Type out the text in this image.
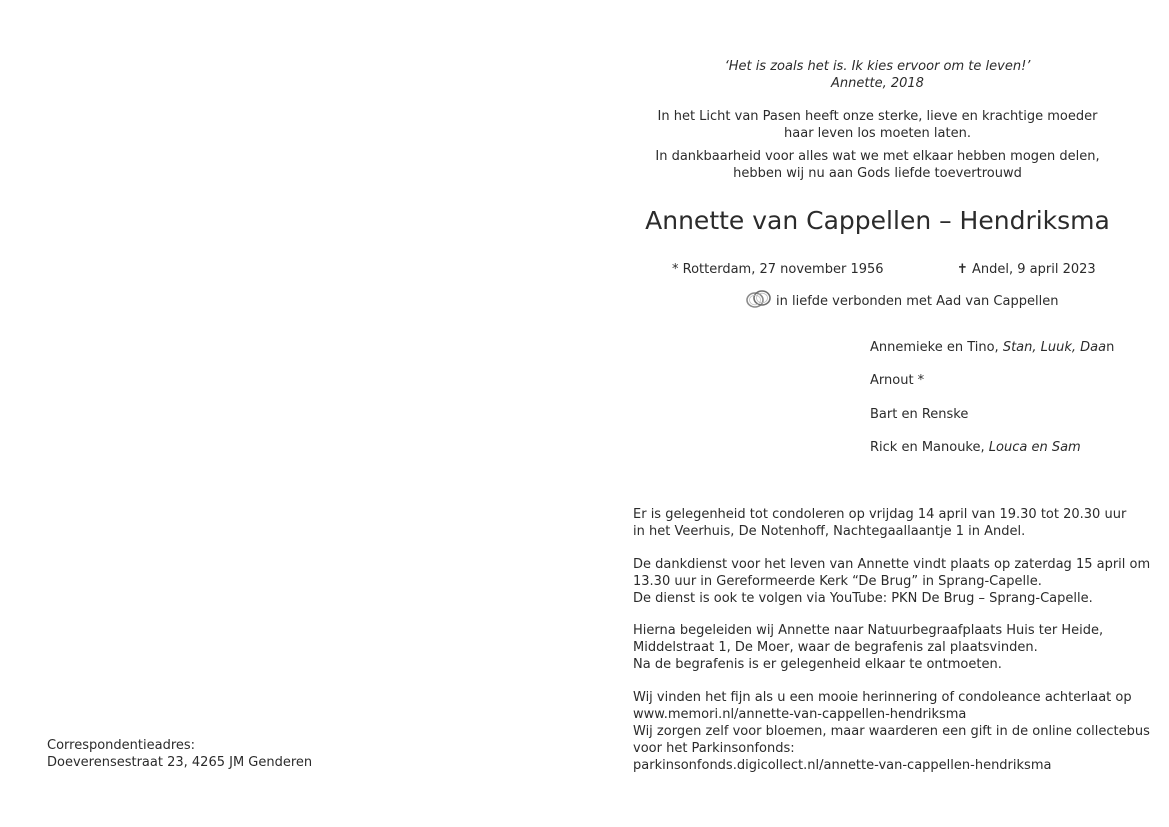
‘Het is zoals het is. Ik kies ervoor om te leven!’
Annette, 2018
In het Licht van Pasen heeft onze sterke, lieve en krachtige moeder
haar leven los moeten laten.
In dankbaarheid voor alles wat we met elkaar hebben mogen delen,
hebben wij nu aan Gods liefde toevertrouwd
Annette van Cappellen – Hendriksma
* Rotterdam, 27 november 1956	✝ Andel, 9 april 2023
in liefde verbonden met Aad van Cappellen
Annemieke en Tino, Stan, Luuk, Daan
Arnout *
Bart en Renske
Rick en Manouke, Louca en Sam
Er is gelegenheid tot condoleren op vrijdag 14 april van 19.30 tot 20.30 uur
in het Veerhuis, De Notenhoff, Nachtegaallaantje 1 in Andel.
De dankdienst voor het leven van Annette vindt plaats op zaterdag 15 april om
13.30 uur in Gereformeerde Kerk “De Brug” in Sprang-Capelle.
De dienst is ook te volgen via YouTube: PKN De Brug – Sprang-Capelle.
Hierna begeleiden wij Annette naar Natuurbegraafplaats Huis ter Heide,
Middelstraat 1, De Moer, waar de begrafenis zal plaatsvinden.
Na de begrafenis is er gelegenheid elkaar te ontmoeten.
Wij vinden het fijn als u een mooie herinnering of condoleance achterlaat op
www.memori.nl/annette-van-cappellen-hendriksma
Wij zorgen zelf voor bloemen, maar waarderen een gift in de online collectebus
voor het Parkinsonfonds:
parkinsonfonds.digicollect.nl/annette-van-cappellen-hendriksma
Correspondentieadres:
Doeverensestraat 23, 4265 JM Genderen
